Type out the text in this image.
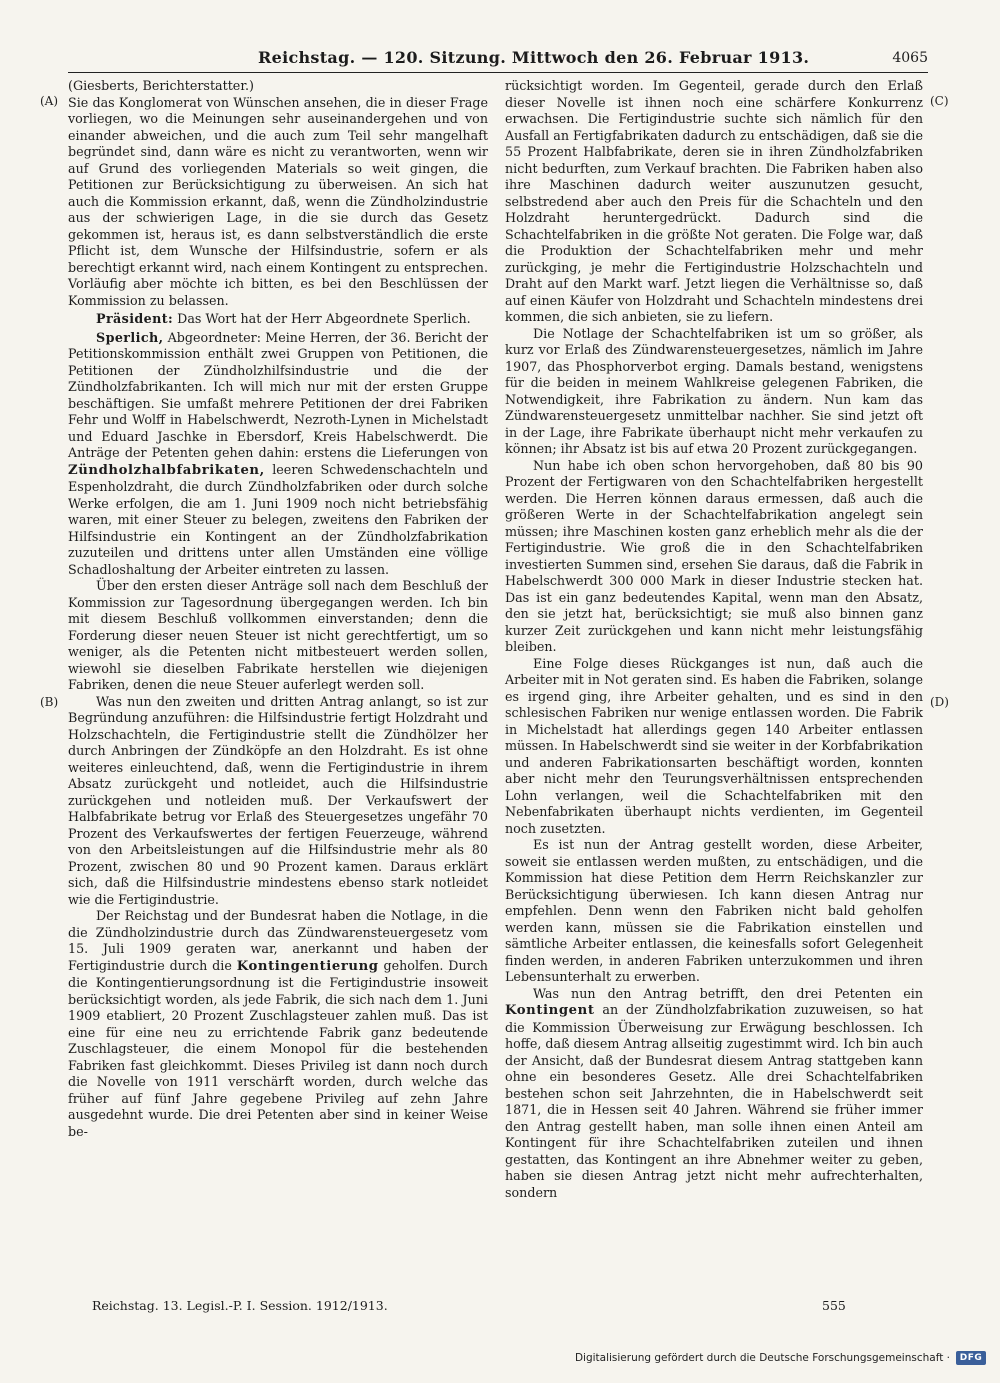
Reichstag. — 120. Sitzung. Mittwoch den 26. Februar 1913.	4065
(A)
(B)
(C)
(D)

(Giesberts, Berichterstatter.)

Sie das Konglomerat von Wünschen ansehen, die in dieser Frage vorliegen, wo die Meinungen sehr auseinandergehen und von einander abweichen, und die auch zum Teil sehr mangelhaft begründet sind, dann wäre es nicht zu verantworten, wenn wir auf Grund des vorliegenden Materials so weit gingen, die Petitionen zur Berücksichtigung zu überweisen. An sich hat auch die Kommission erkannt, daß, wenn die Zündholzindustrie aus der schwierigen Lage, in die sie durch das Gesetz gekommen ist, heraus ist, es dann selbstverständlich die erste Pflicht ist, dem Wunsche der Hilfsindustrie, sofern er als berechtigt erkannt wird, nach einem Kontingent zu entsprechen. Vorläufig aber möchte ich bitten, es bei den Beschlüssen der Kommission zu belassen.

Präsident: Das Wort hat der Herr Abgeordnete Sperlich.

Sperlich, Abgeordneter: Meine Herren, der 36. Bericht der Petitionskommission enthält zwei Gruppen von Petitionen, die Petitionen der Zündholzhilfsindustrie und die der Zündholzfabrikanten. Ich will mich nur mit der ersten Gruppe beschäftigen. Sie umfaßt mehrere Petitionen der drei Fabriken Fehr und Wolff in Habelschwerdt, Nezroth-Lynen in Michelstadt und Eduard Jaschke in Ebersdorf, Kreis Habelschwerdt. Die Anträge der Petenten gehen dahin: erstens die Lieferungen von Zündholzhalbfabrikaten, leeren Schwedenschachteln und Espenholzdraht, die durch Zündholzfabriken oder durch solche Werke erfolgen, die am 1. Juni 1909 noch nicht betriebsfähig waren, mit einer Steuer zu belegen, zweitens den Fabriken der Hilfsindustrie ein Kontingent an der Zündholzfabrikation zuzuteilen und drittens unter allen Umständen eine völlige Schadloshaltung der Arbeiter eintreten zu lassen.

Über den ersten dieser Anträge soll nach dem Beschluß der Kommission zur Tagesordnung übergegangen werden. Ich bin mit diesem Beschluß vollkommen einverstanden; denn die Forderung dieser neuen Steuer ist nicht gerechtfertigt, um so weniger, als die Petenten nicht mitbesteuert werden sollen, wiewohl sie dieselben Fabrikate herstellen wie diejenigen Fabriken, denen die neue Steuer auferlegt werden soll.

Was nun den zweiten und dritten Antrag anlangt, so ist zur Begründung anzuführen: die Hilfsindustrie fertigt Holzdraht und Holzschachteln, die Fertigindustrie stellt die Zündhölzer her durch Anbringen der Zündköpfe an den Holzdraht. Es ist ohne weiteres einleuchtend, daß, wenn die Fertigindustrie in ihrem Absatz zurückgeht und notleidet, auch die Hilfsindustrie zurückgehen und notleiden muß. Der Verkaufswert der Halbfabrikate betrug vor Erlaß des Steuergesetzes ungefähr 70 Prozent des Verkaufswertes der fertigen Feuerzeuge, während von den Arbeitsleistungen auf die Hilfsindustrie mehr als 80 Prozent, zwischen 80 und 90 Prozent kamen. Daraus erklärt sich, daß die Hilfsindustrie mindestens ebenso stark notleidet wie die Fertigindustrie.

Der Reichstag und der Bundesrat haben die Notlage, in die die Zündholzindustrie durch das Zündwarensteuergesetz vom 15. Juli 1909 geraten war, anerkannt und haben der Fertigindustrie durch die Kontingentierung geholfen. Durch die Kontingentierungsordnung ist die Fertigindustrie insoweit berücksichtigt worden, als jede Fabrik, die sich nach dem 1. Juni 1909 etabliert, 20 Prozent Zuschlagsteuer zahlen muß. Das ist eine für eine neu zu errichtende Fabrik ganz bedeutende Zuschlagsteuer, die einem Monopol für die bestehenden Fabriken fast gleichkommt. Dieses Privileg ist dann noch durch die Novelle von 1911 verschärft worden, durch welche das früher auf fünf Jahre gegebene Privileg auf zehn Jahre ausgedehnt wurde. Die drei Petenten aber sind in keiner Weise be-

rücksichtigt worden. Im Gegenteil, gerade durch den Erlaß dieser Novelle ist ihnen noch eine schärfere Konkurrenz erwachsen. Die Fertigindustrie suchte sich nämlich für den Ausfall an Fertigfabrikaten dadurch zu entschädigen, daß sie die 55 Prozent Halbfabrikate, deren sie in ihren Zündholzfabriken nicht bedurften, zum Verkauf brachten. Die Fabriken haben also ihre Maschinen dadurch weiter auszunutzen gesucht, selbstredend aber auch den Preis für die Schachteln und den Holzdraht heruntergedrückt. Dadurch sind die Schachtelfabriken in die größte Not geraten. Die Folge war, daß die Produktion der Schachtelfabriken mehr und mehr zurückging, je mehr die Fertigindustrie Holzschachteln und Draht auf den Markt warf. Jetzt liegen die Verhältnisse so, daß auf einen Käufer von Holzdraht und Schachteln mindestens drei kommen, die sich anbieten, sie zu liefern.

Die Notlage der Schachtelfabriken ist um so größer, als kurz vor Erlaß des Zündwarensteuergesetzes, nämlich im Jahre 1907, das Phosphorverbot erging. Damals bestand, wenigstens für die beiden in meinem Wahlkreise gelegenen Fabriken, die Notwendigkeit, ihre Fabrikation zu ändern. Nun kam das Zündwarensteuergesetz unmittelbar nachher. Sie sind jetzt oft in der Lage, ihre Fabrikate überhaupt nicht mehr verkaufen zu können; ihr Absatz ist bis auf etwa 20 Prozent zurückgegangen.

Nun habe ich oben schon hervorgehoben, daß 80 bis 90 Prozent der Fertigwaren von den Schachtelfabriken hergestellt werden. Die Herren können daraus ermessen, daß auch die größeren Werte in der Schachtelfabrikation angelegt sein müssen; ihre Maschinen kosten ganz erheblich mehr als die der Fertigindustrie. Wie groß die in den Schachtelfabriken investierten Summen sind, ersehen Sie daraus, daß die Fabrik in Habelschwerdt 300 000 Mark in dieser Industrie stecken hat. Das ist ein ganz bedeutendes Kapital, wenn man den Absatz, den sie jetzt hat, berücksichtigt; sie muß also binnen ganz kurzer Zeit zurückgehen und kann nicht mehr leistungsfähig bleiben.

Eine Folge dieses Rückganges ist nun, daß auch die Arbeiter mit in Not geraten sind. Es haben die Fabriken, solange es irgend ging, ihre Arbeiter gehalten, und es sind in den schlesischen Fabriken nur wenige entlassen worden. Die Fabrik in Michelstadt hat allerdings gegen 140 Arbeiter entlassen müssen. In Habelschwerdt sind sie weiter in der Korbfabrikation und anderen Fabrikationsarten beschäftigt worden, konnten aber nicht mehr den Teurungsverhältnissen entsprechenden Lohn verlangen, weil die Schachtelfabriken mit den Nebenfabrikaten überhaupt nichts verdienten, im Gegenteil noch zusetzten.

Es ist nun der Antrag gestellt worden, diese Arbeiter, soweit sie entlassen werden mußten, zu entschädigen, und die Kommission hat diese Petition dem Herrn Reichskanzler zur Berücksichtigung überwiesen. Ich kann diesen Antrag nur empfehlen. Denn wenn den Fabriken nicht bald geholfen werden kann, müssen sie die Fabrikation einstellen und sämtliche Arbeiter entlassen, die keinesfalls sofort Gelegenheit finden werden, in anderen Fabriken unterzukommen und ihren Lebensunterhalt zu erwerben.

Was nun den Antrag betrifft, den drei Petenten ein Kontingent an der Zündholzfabrikation zuzuweisen, so hat die Kommission Überweisung zur Erwägung beschlossen. Ich hoffe, daß diesem Antrag allseitig zugestimmt wird. Ich bin auch der Ansicht, daß der Bundesrat diesem Antrag stattgeben kann ohne ein besonderes Gesetz. Alle drei Schachtelfabriken bestehen schon seit Jahrzehnten, die in Habelschwerdt seit 1871, die in Hessen seit 40 Jahren. Während sie früher immer den Antrag gestellt haben, man solle ihnen einen Anteil am Kontingent für ihre Schachtelfabriken zuteilen und ihnen gestatten, das Kontingent an ihre Abnehmer weiter zu geben, haben sie diesen Antrag jetzt nicht mehr aufrechterhalten, sondern

Reichstag. 13. Legisl.-P. I. Session. 1912/1913.	555
Digitalisierung gefördert durch die Deutsche Forschungsgemeinschaft ·	DFG
